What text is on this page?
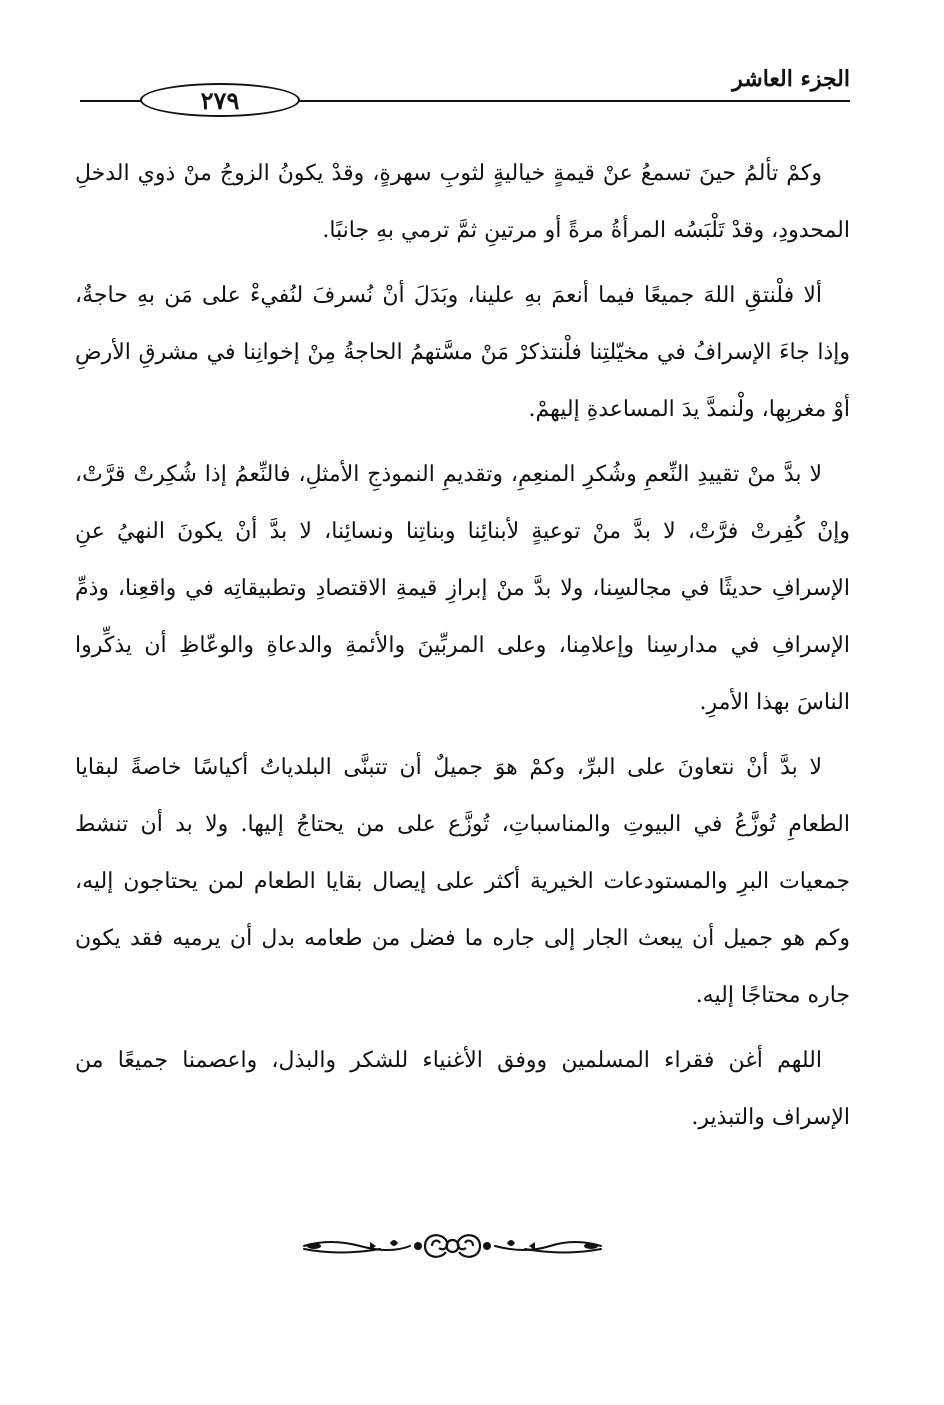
٢٧٩
الجزء العاشر

وكمْ تألمُ حينَ تسمعُ عنْ قيمةٍ خياليةٍ لثوبِ سهرةٍ، وقدْ يكونُ الزوجُ منْ ذوي الدخلِ المحدودِ، وقدْ تَلْبَسُه المرأةُ مرةً أو مرتينِ ثمَّ ترمي بهِ جانبًا.

ألا فلْنتقِ اللهَ جميعًا فيما أنعمَ بهِ علينا، وبَدَلَ أنْ نُسرفَ لنُفيءْ على مَن بهِ حاجةٌ، وإذا جاءَ الإسرافُ في مخيّلتِنا فلْنتذكرْ مَنْ مسَّتهمُ الحاجةُ مِنْ إخوانِنا في مشرقِ الأرضِ أوْ مغربِها، ولْنمدَّ يدَ المساعدةِ إليهمْ.

لا بدَّ منْ تقييدِ النِّعمِ وشُكرِ المنعِمِ، وتقديمِ النموذجِ الأمثلِ، فالنِّعمُ إذا شُكِرتْ قرَّتْ، وإنْ كُفِرتْ فرَّتْ، لا بدَّ منْ توعيةٍ لأبنائِنا وبناتِنا ونسائِنا، لا بدَّ أنْ يكونَ النهيُ عنِ الإسرافِ حديثًا في مجالسِنا، ولا بدَّ منْ إبرازِ قيمةِ الاقتصادِ وتطبيقاتِه في واقعِنا، وذمِّ الإسرافِ في مدارسِنا وإعلامِنا، وعلى المربِّينَ والأئمةِ والدعاةِ والوعّاظِ أن يذكِّروا الناسَ بهذا الأمرِ.

لا بدَّ أنْ نتعاونَ على البرِّ، وكمْ هوَ جميلٌ أن تتبنَّى البلدياتُ أكياسًا خاصةً لبقايا الطعامِ تُوزَّعُ في البيوتِ والمناسباتِ، تُوزَّع على من يحتاجُ إليها. ولا بد أن تنشط جمعيات البرِ والمستودعات الخيرية أكثر على إيصال بقايا الطعام لمن يحتاجون إليه، وكم هو جميل أن يبعث الجار إلى جاره ما فضل من طعامه بدل أن يرميه فقد يكون جاره محتاجًا إليه.

اللهم أغن فقراء المسلمين ووفق الأغنياء للشكر والبذل، واعصمنا جميعًا من الإسراف والتبذير.
